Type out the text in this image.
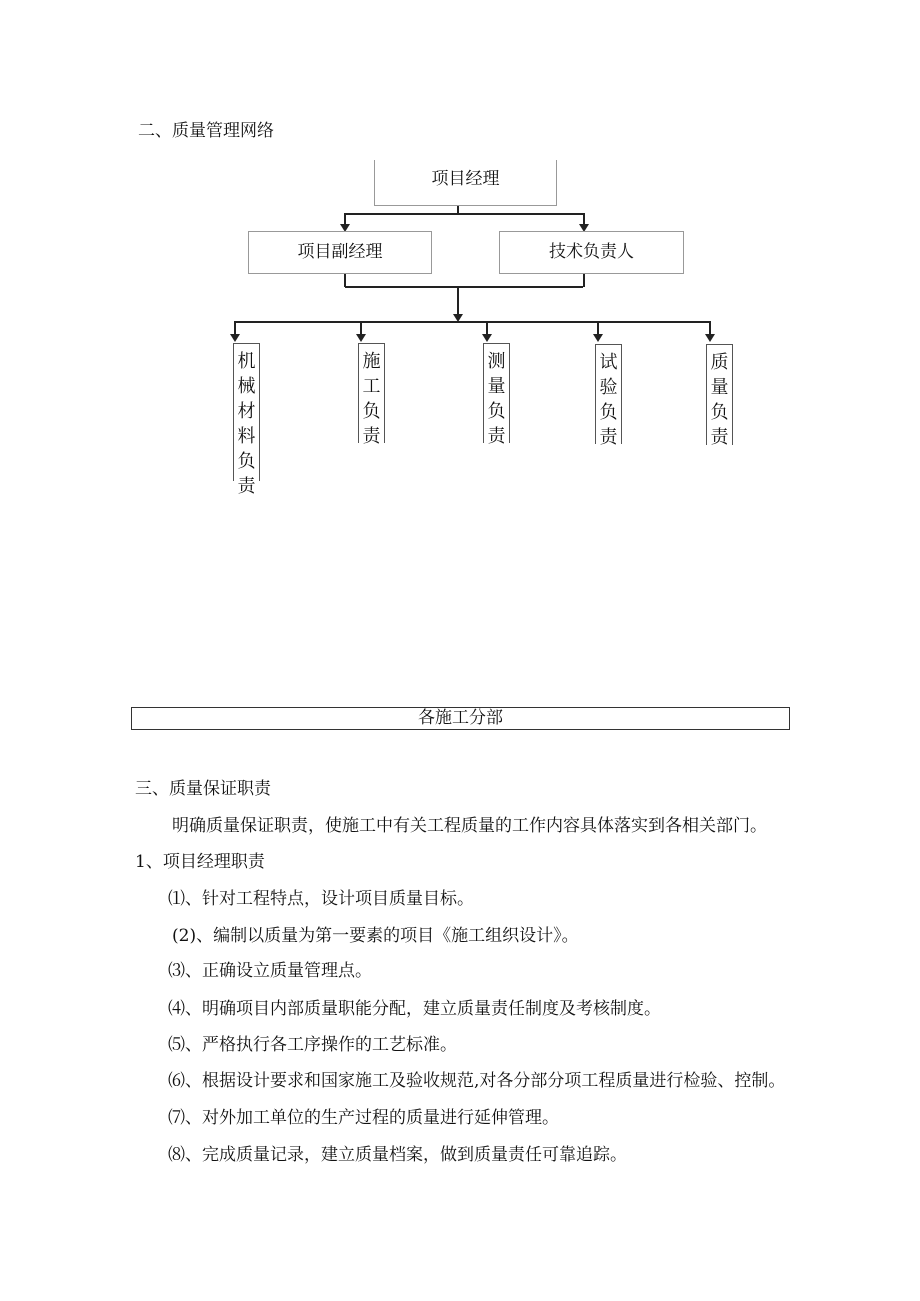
二、质量管理网络
项目经理
项目副经理	技术负责人
机械材料负责
施工负责
测量负责
试验负责
质量负责
各施工分部
三、质量保证职责
明确质量保证职责，使施工中有关工程质量的工作内容具体落实到各相关部门。
1、项目经理职责
⑴、针对工程特点，设计项目质量目标。
(2)、编制以质量为第一要素的项目《施工组织设计》。
⑶、正确设立质量管理点。
⑷、明确项目内部质量职能分配，建立质量责任制度及考核制度。
⑸、严格执行各工序操作的工艺标准。
⑹、根据设计要求和国家施工及验收规范,对各分部分项工程质量进行检验、控制。
⑺、对外加工单位的生产过程的质量进行延伸管理。
⑻、完成质量记录，建立质量档案，做到质量责任可靠追踪。
